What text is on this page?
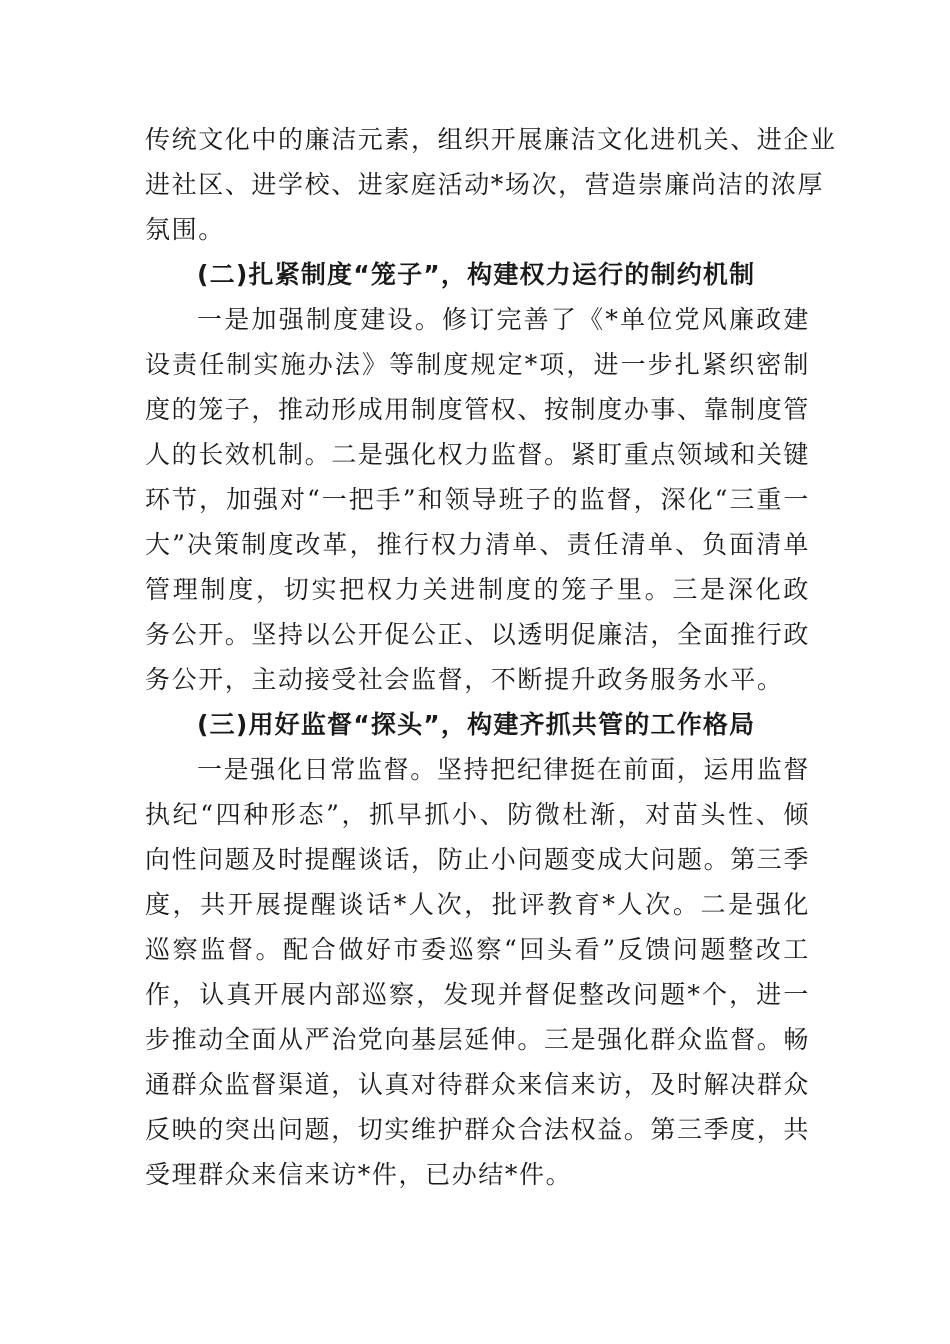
传统文化中的廉洁元素，组织开展廉洁文化进机关、进企业
进社区、进学校、进家庭活动*场次，营造崇廉尚洁的浓厚
氛围。

(二)扎紧制度“笼子”，构建权力运行的制约机制

一是加强制度建设。修订完善了《*单位党风廉政建设责任制实施办法》等制度规定*项，进一步扎紧织密制度的笼子，推动形成用制度管权、按制度办事、靠制度管人的长效机制。二是强化权力监督。紧盯重点领域和关键环节，加强对“一把手”和领导班子的监督，深化“三重一大”决策制度改革，推行权力清单、责任清单、负面清单管理制度，切实把权力关进制度的笼子里。三是深化政务公开。坚持以公开促公正、以透明促廉洁，全面推行政务公开，主动接受社会监督，不断提升政务服务水平。

(三)用好监督“探头”，构建齐抓共管的工作格局

一是强化日常监督。坚持把纪律挺在前面，运用监督执纪“四种形态”，抓早抓小、防微杜渐，对苗头性、倾向性问题及时提醒谈话，防止小问题变成大问题。第三季度，共开展提醒谈话*人次，批评教育*人次。二是强化巡察监督。配合做好市委巡察“回头看”反馈问题整改工作，认真开展内部巡察，发现并督促整改问题*个，进一步推动全面从严治党向基层延伸。三是强化群众监督。畅通群众监督渠道，认真对待群众来信来访，及时解决群众反映的突出问题，切实维护群众合法权益。第三季度，共受理群众来信来访*件，已办结*件。
